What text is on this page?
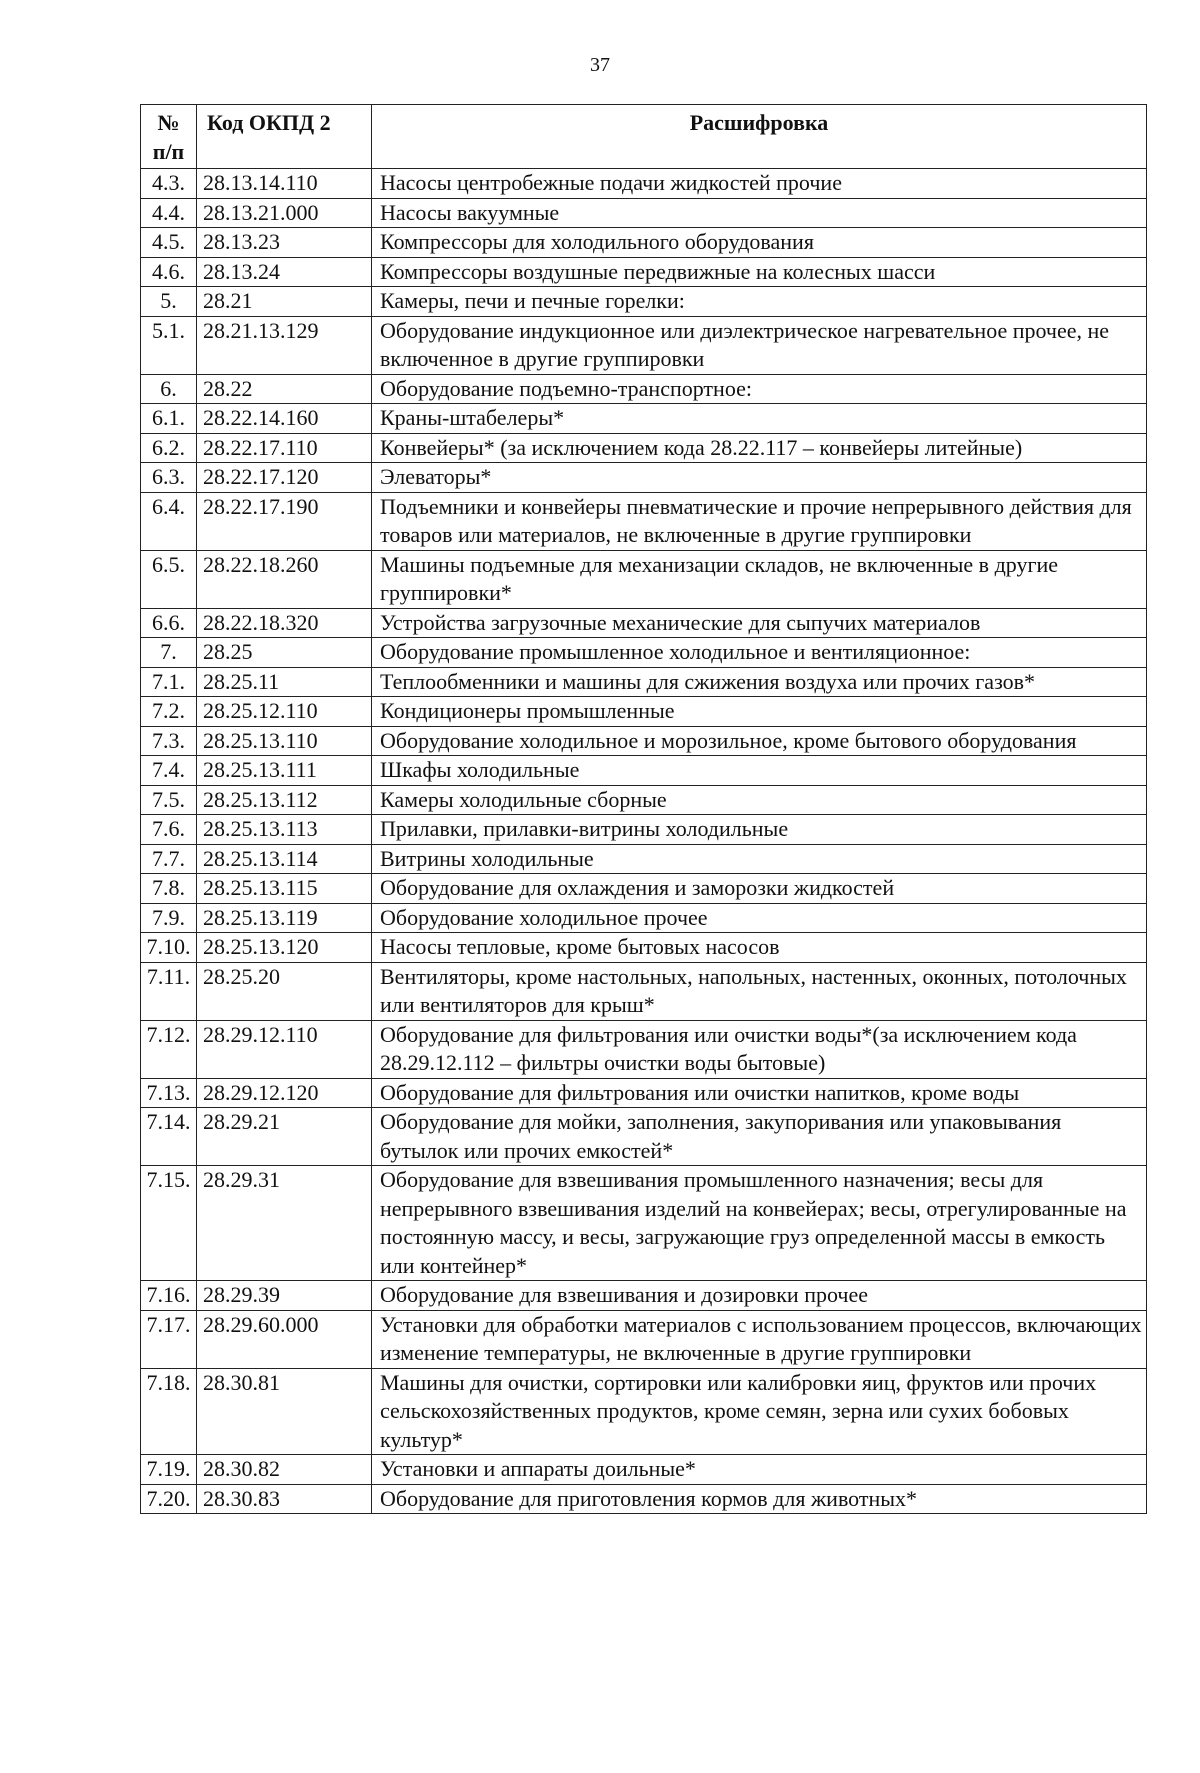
37
№
п/п	Код ОКПД 2	Расшифровка
4.3.	28.13.14.110	Насосы центробежные подачи жидкостей прочие
4.4.	28.13.21.000	Насосы вакуумные
4.5.	28.13.23	Компрессоры для холодильного оборудования
4.6.	28.13.24	Компрессоры воздушные передвижные на колесных шасси
5.	28.21	Камеры, печи и печные горелки:
5.1.	28.21.13.129	Оборудование индукционное или диэлектрическое нагревательное прочее, не включенное в другие группировки
6.	28.22	Оборудование подъемно-транспортное:
6.1.	28.22.14.160	Краны-штабелеры*
6.2.	28.22.17.110	Конвейеры* (за исключением кода 28.22.117 – конвейеры литейные)
6.3.	28.22.17.120	Элеваторы*
6.4.	28.22.17.190	Подъемники и конвейеры пневматические и прочие непрерывного действия для товаров или материалов, не включенные в другие группировки
6.5.	28.22.18.260	Машины подъемные для механизации складов, не включенные в другие группировки*
6.6.	28.22.18.320	Устройства загрузочные механические для сыпучих материалов
7.	28.25	Оборудование промышленное холодильное и вентиляционное:
7.1.	28.25.11	Теплообменники и машины для сжижения воздуха или прочих газов*
7.2.	28.25.12.110	Кондиционеры промышленные
7.3.	28.25.13.110	Оборудование холодильное и морозильное, кроме бытового оборудования
7.4.	28.25.13.111	Шкафы холодильные
7.5.	28.25.13.112	Камеры холодильные сборные
7.6.	28.25.13.113	Прилавки, прилавки-витрины холодильные
7.7.	28.25.13.114	Витрины холодильные
7.8.	28.25.13.115	Оборудование для охлаждения и заморозки жидкостей
7.9.	28.25.13.119	Оборудование холодильное прочее
7.10.	28.25.13.120	Насосы тепловые, кроме бытовых насосов
7.11.	28.25.20	Вентиляторы, кроме настольных, напольных, настенных, оконных, потолочных или вентиляторов для крыш*
7.12.	28.29.12.110	Оборудование для фильтрования или очистки воды*(за исключением кода 28.29.12.112 – фильтры очистки воды бытовые)
7.13.	28.29.12.120	Оборудование для фильтрования или очистки напитков, кроме воды
7.14.	28.29.21	Оборудование для мойки, заполнения, закупоривания или упаковывания бутылок или прочих емкостей*
7.15.	28.29.31	Оборудование для взвешивания промышленного назначения; весы для непрерывного взвешивания изделий на конвейерах; весы, отрегулированные на постоянную массу, и весы, загружающие груз определенной массы в емкость или контейнер*
7.16.	28.29.39	Оборудование для взвешивания и дозировки прочее
7.17.	28.29.60.000	Установки для обработки материалов с использованием процессов, включающих изменение температуры, не включенные в другие группировки
7.18.	28.30.81	Машины для очистки, сортировки или калибровки яиц, фруктов или прочих сельскохозяйственных продуктов, кроме семян, зерна или сухих бобовых культур*
7.19.	28.30.82	Установки и аппараты доильные*
7.20.	28.30.83	Оборудование для приготовления кормов для животных*
